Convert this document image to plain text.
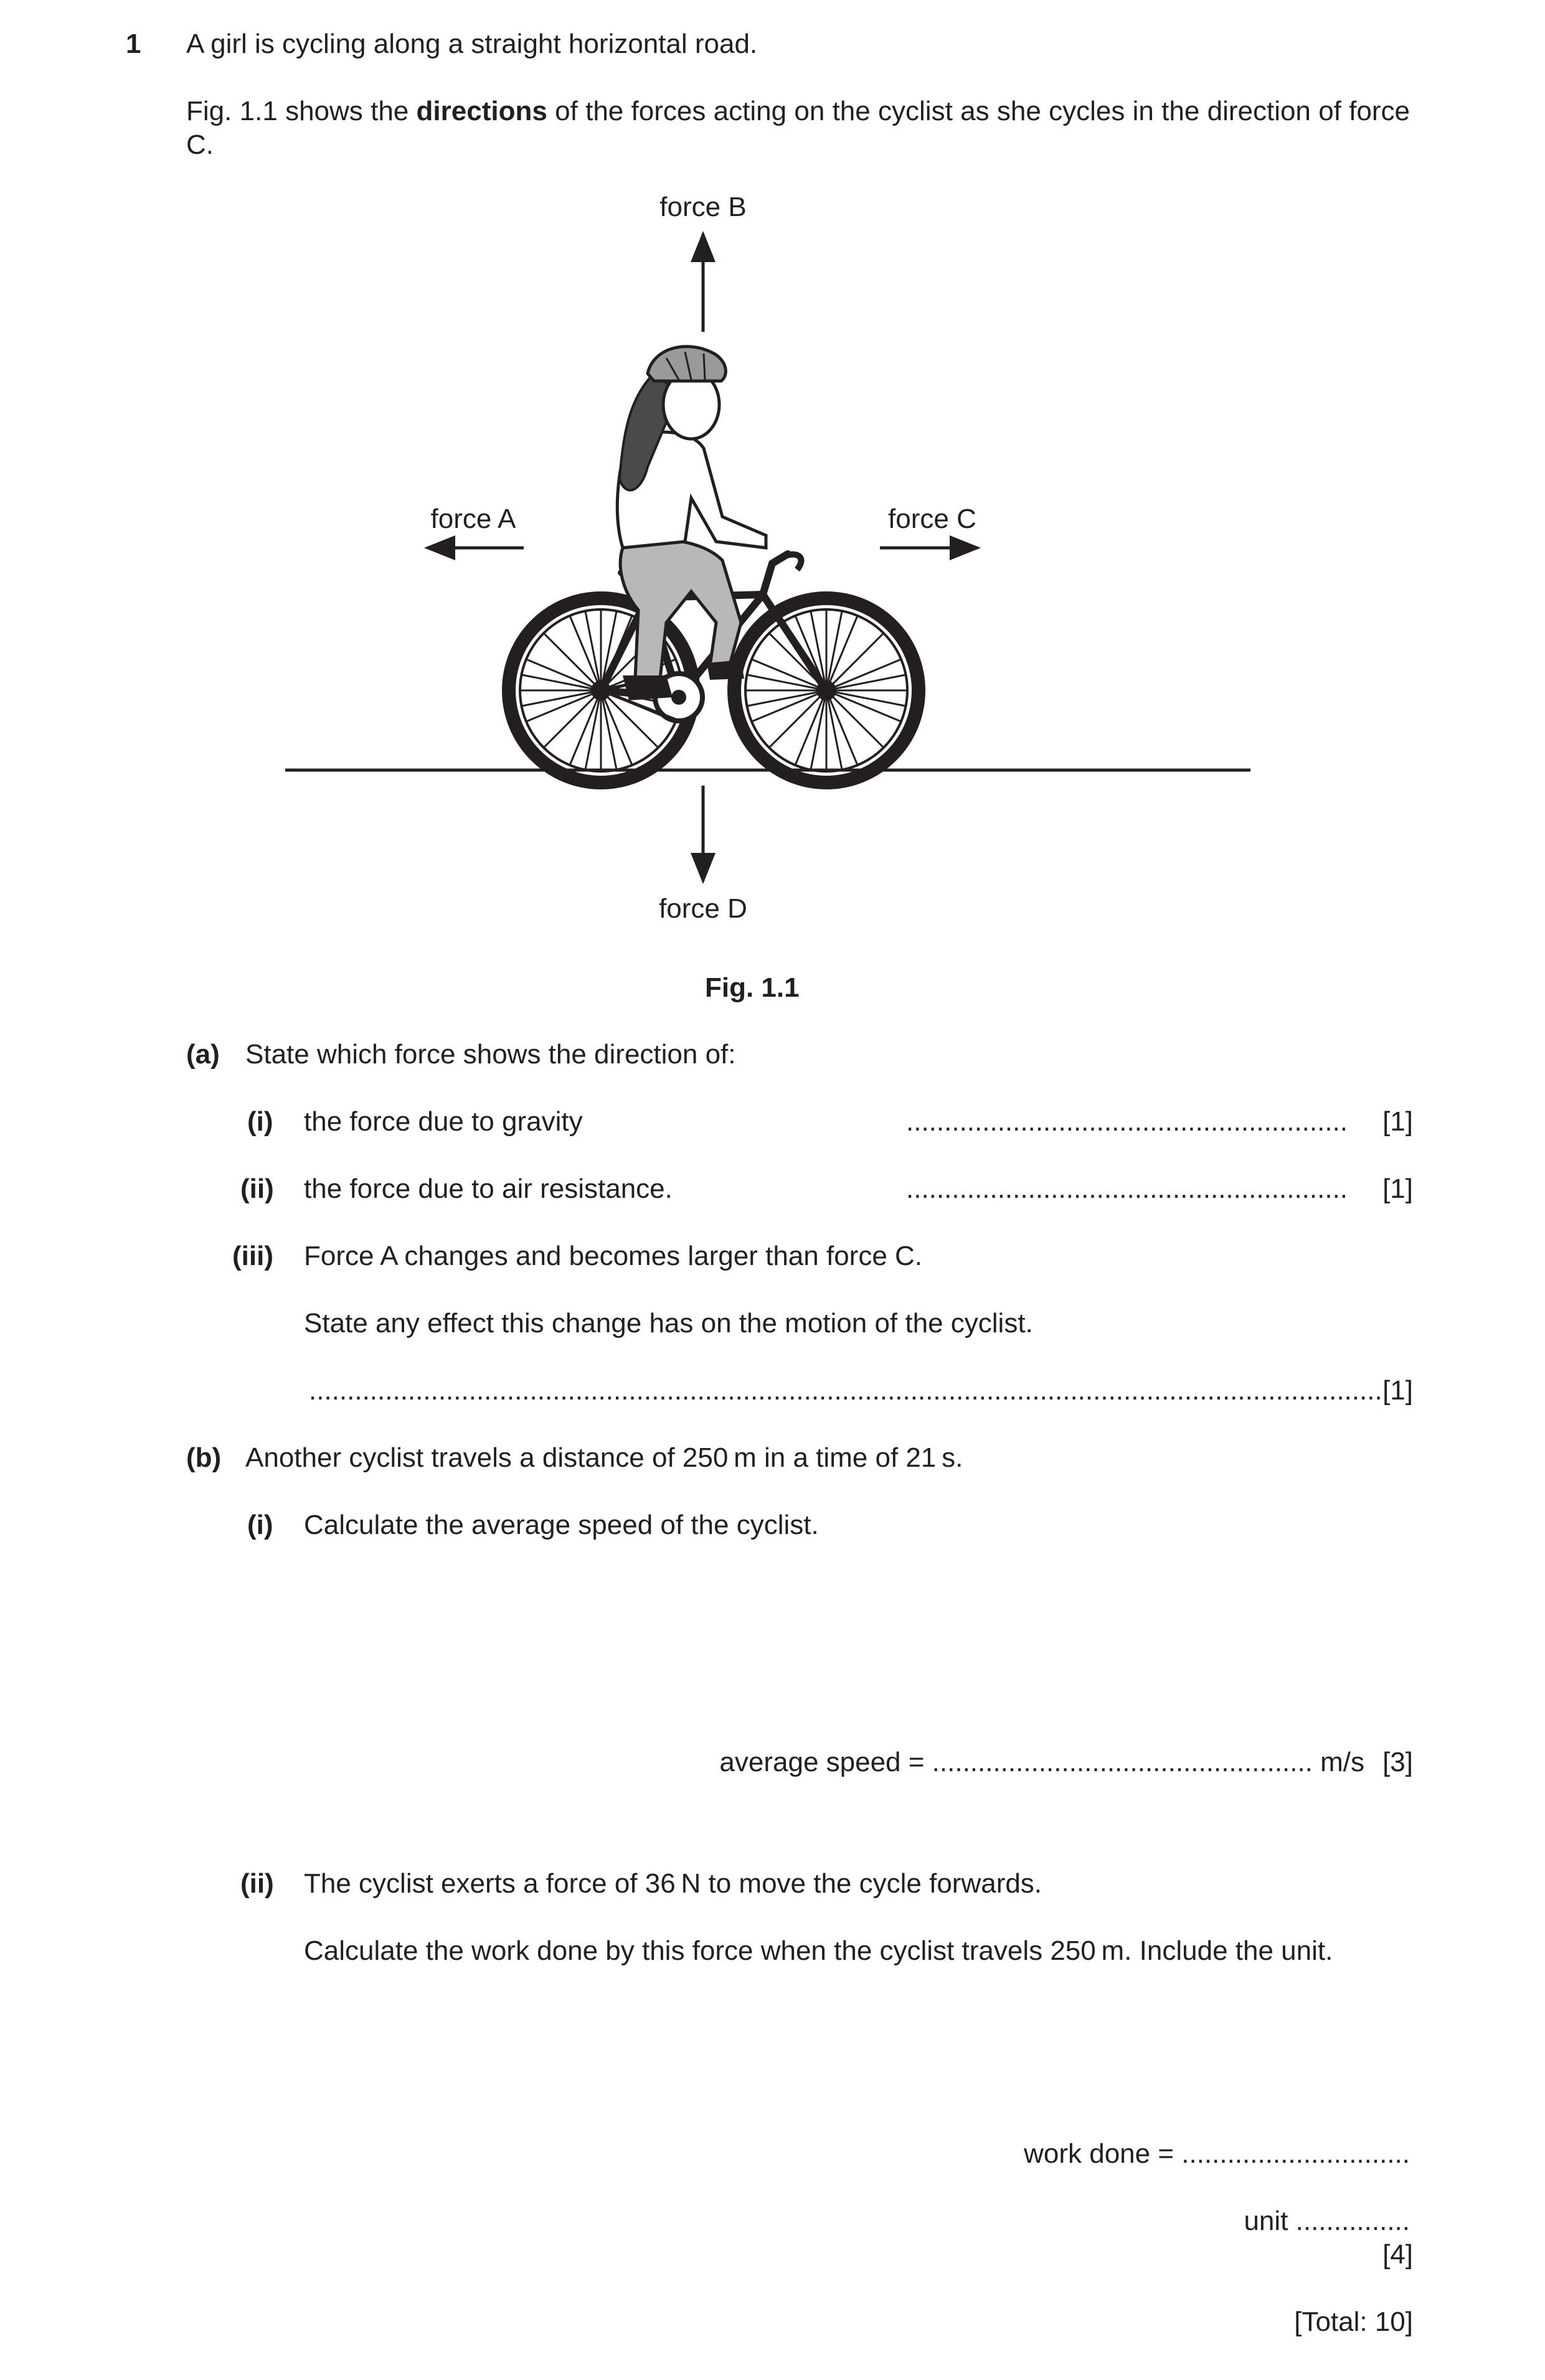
1 A girl is cycling along a straight horizontal road.
Fig. 1.1 shows the directions of the forces acting on the cyclist as she cycles in the direction of force C.
force B
force A	force C
force D
Fig. 1.1
(a) State which force shows the direction of:
(i) the force due to gravity	.......................................................... [1]
(ii) the force due to air resistance.	.......................................................... [1]
(iii) Force A changes and becomes larger than force C.
State any effect this change has on the motion of the cyclist.
............................................................................................................................................. [1]
(b) Another cyclist travels a distance of 250 m in a time of 21 s.
(i) Calculate the average speed of the cyclist.
average speed = .................................................. m/s [3]
(ii) The cyclist exerts a force of 36 N to move the cycle forwards.
Calculate the work done by this force when the cyclist travels 250 m. Include the unit.
work done = ..............................
unit ...............
[4]
[Total: 10]
